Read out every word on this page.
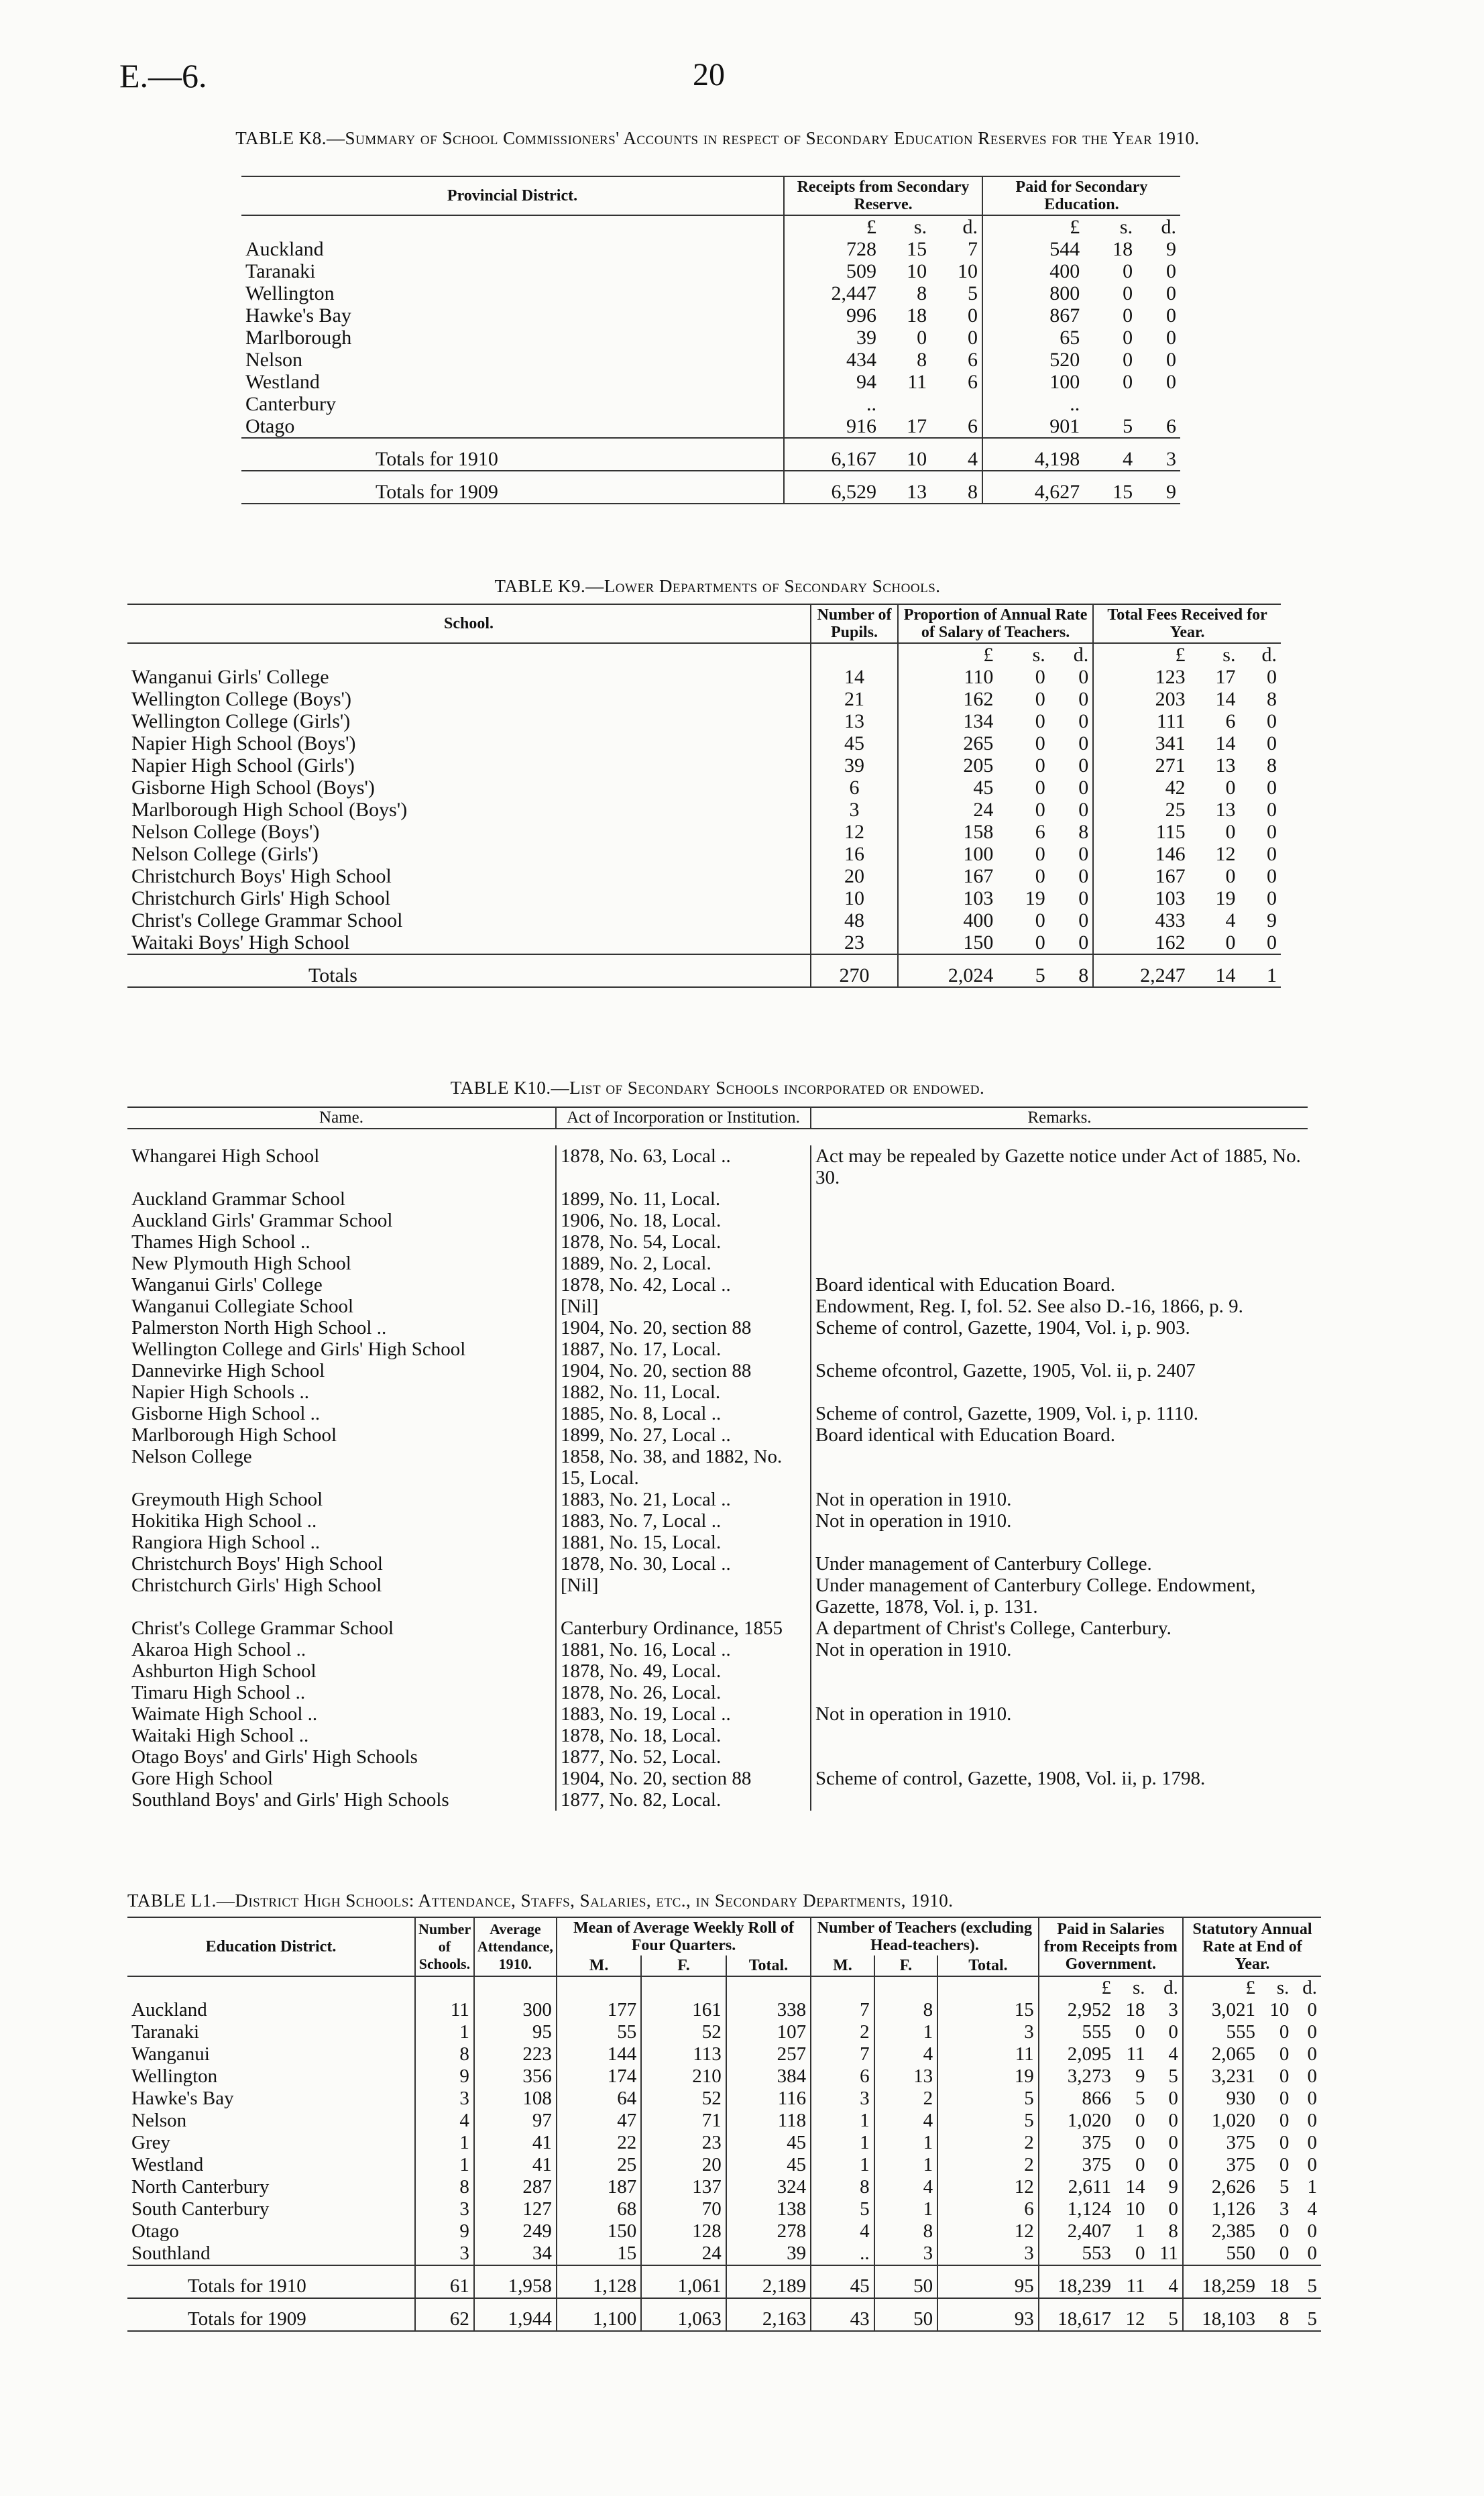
E.—6.	20
TABLE K8.—Summary of School Commissioners' Accounts in respect of Secondary Education Reserves for the Year 1910.
Provincial District.	Receipts from Secondary Reserve.			Paid for Secondary Education.		
	£	s.	d.	£	s.	d.
Auckland	728	15	7	544	18	9
Taranaki	509	10	10	400	0	0
Wellington	2,447	8	5	800	0	0
Hawke's Bay	996	18	0	867	0	0
Marlborough	39	0	0	65	0	0
Nelson	434	8	6	520	0	0
Westland	94	11	6	100	0	0
Canterbury	..			..		
Otago	916	17	6	901	5	6
Totals for 1910	6,167	10	4	4,198	4	3
Totals for 1909	6,529	13	8	4,627	15	9
TABLE K9.—Lower Departments of Secondary Schools.
School.	Number of Pupils.	Proportion of Annual Rate of Salary of Teachers.			Total Fees Received for Year.		
		£	s.	d.	£	s.	d.
Wanganui Girls' College	14	110	0	0	123	17	0
Wellington College (Boys')	21	162	0	0	203	14	8
Wellington College (Girls')	13	134	0	0	111	6	0
Napier High School (Boys')	45	265	0	0	341	14	0
Napier High School (Girls')	39	205	0	0	271	13	8
Gisborne High School (Boys')	6	45	0	0	42	0	0
Marlborough High School (Boys')	3	24	0	0	25	13	0
Nelson College (Boys')	12	158	6	8	115	0	0
Nelson College (Girls')	16	100	0	0	146	12	0
Christchurch Boys' High School	20	167	0	0	167	0	0
Christchurch Girls' High School	10	103	19	0	103	19	0
Christ's College Grammar School	48	400	0	0	433	4	9
Waitaki Boys' High School	23	150	0	0	162	0	0
Totals	270	2,024	5	8	2,247	14	1
TABLE K10.—List of Secondary Schools incorporated or endowed.
Name.	Act of Incorporation or Institution.	Remarks.

Whangarei High School	1878, No. 63, Local ..	Act may be repealed by Gazette notice under Act of 1885, No. 30.
Auckland Grammar School	1899, No. 11, Local.	
Auckland Girls' Grammar School	1906, No. 18, Local.	
Thames High School ..	1878, No. 54, Local.	
New Plymouth High School	1889, No. 2, Local.	
Wanganui Girls' College	1878, No. 42, Local ..	Board identical with Education Board.
Wanganui Collegiate School	[Nil]	Endowment, Reg. I, fol. 52. See also D.-16, 1866, p. 9.
Palmerston North High School ..	1904, No. 20, section 88	Scheme of control, Gazette, 1904, Vol. i, p. 903.
Wellington College and Girls' High School	1887, No. 17, Local.	
Dannevirke High School	1904, No. 20, section 88	Scheme ofcontrol, Gazette, 1905, Vol. ii, p. 2407
Napier High Schools ..	1882, No. 11, Local.	
Gisborne High School ..	1885, No. 8, Local ..	Scheme of control, Gazette, 1909, Vol. i, p. 1110.
Marlborough High School	1899, No. 27, Local ..	Board identical with Education Board.
Nelson College	1858, No. 38, and 1882, No. 15, Local.	
Greymouth High School	1883, No. 21, Local ..	Not in operation in 1910.
Hokitika High School ..	1883, No. 7, Local ..	Not in operation in 1910.
Rangiora High School ..	1881, No. 15, Local.	
Christchurch Boys' High School	1878, No. 30, Local ..	Under management of Canterbury College.
Christchurch Girls' High School	[Nil]	Under management of Canterbury College. Endowment, Gazette, 1878, Vol. i, p. 131.
Christ's College Grammar School	Canterbury Ordinance, 1855	A department of Christ's College, Canterbury.
Akaroa High School ..	1881, No. 16, Local ..	Not in operation in 1910.
Ashburton High School	1878, No. 49, Local.	
Timaru High School ..	1878, No. 26, Local.	
Waimate High School ..	1883, No. 19, Local ..	Not in operation in 1910.
Waitaki High School ..	1878, No. 18, Local.	
Otago Boys' and Girls' High Schools	1877, No. 52, Local.	
Gore High School	1904, No. 20, section 88	Scheme of control, Gazette, 1908, Vol. ii, p. 1798.
Southland Boys' and Girls' High Schools	1877, No. 82, Local.	
TABLE L1.—District High Schools: Attendance, Staffs, Salaries, etc., in Secondary Departments, 1910.
Education District.	Number of Schools.	Average Attendance, 1910.	Mean of Average Weekly Roll of Four Quarters.			Number of Teachers (excluding Head-teachers).			Paid in Salaries from Receipts from Government.			Statutory Annual Rate at End of Year.		
			M.	F.	Total.	M.	F.	Total.						
									£	s.	d.	£	s.	d.
Auckland	11	300	177	161	338	7	8	15	2,952	18	3	3,021	10	0
Taranaki	1	95	55	52	107	2	1	3	555	0	0	555	0	0
Wanganui	8	223	144	113	257	7	4	11	2,095	11	4	2,065	0	0
Wellington	9	356	174	210	384	6	13	19	3,273	9	5	3,231	0	0
Hawke's Bay	3	108	64	52	116	3	2	5	866	5	0	930	0	0
Nelson	4	97	47	71	118	1	4	5	1,020	0	0	1,020	0	0
Grey	1	41	22	23	45	1	1	2	375	0	0	375	0	0
Westland	1	41	25	20	45	1	1	2	375	0	0	375	0	0
North Canterbury	8	287	187	137	324	8	4	12	2,611	14	9	2,626	5	1
South Canterbury	3	127	68	70	138	5	1	6	1,124	10	0	1,126	3	4
Otago	9	249	150	128	278	4	8	12	2,407	1	8	2,385	0	0
Southland	3	34	15	24	39	..	3	3	553	0	11	550	0	0
Totals for 1910	61	1,958	1,128	1,061	2,189	45	50	95	18,239	11	4	18,259	18	5
Totals for 1909	62	1,944	1,100	1,063	2,163	43	50	93	18,617	12	5	18,103	8	5
